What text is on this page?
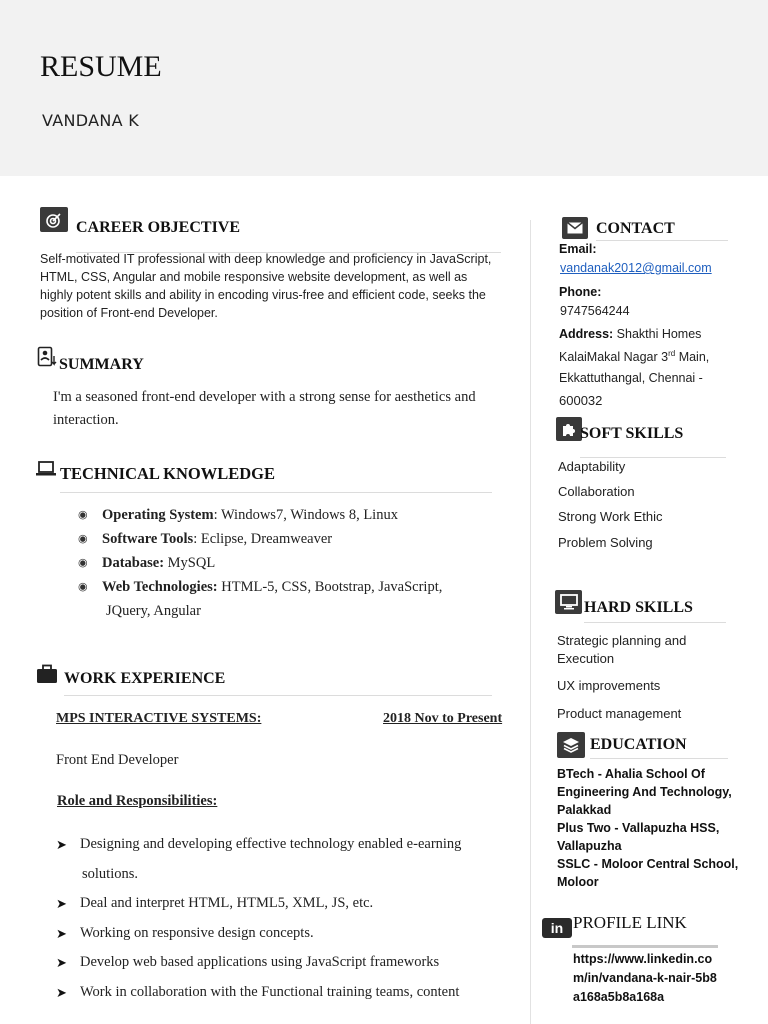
RESUME
VANDANA K
CAREER OBJECTIVE
Self-motivated IT professional with deep knowledge and proficiency in JavaScript, HTML, CSS, Angular and mobile responsive website development, as well as highly potent skills and ability in encoding virus-free and efficient code, seeks the position of Front-end Developer.
SUMMARY
I'm a seasoned front-end developer with a strong sense for aesthetics and interaction.
TECHNICAL KNOWLEDGE
◉ Operating System: Windows7, Windows 8, Linux
◉ Software Tools: Eclipse, Dreamweaver
◉ Database: MySQL
◉ Web Technologies: HTML-5, CSS, Bootstrap, JavaScript,
JQuery, Angular
WORK EXPERIENCE
MPS INTERACTIVE SYSTEMS:	2018 Nov to Present
Front End Developer
Role and Responsibilities:
➤ Designing and developing effective technology enabled e-earning
solutions.
➤ Deal and interpret HTML, HTML5, XML, JS, etc.
➤ Working on responsive design concepts.
➤ Develop web based applications using JavaScript frameworks
➤ Work in collaboration with the Functional training teams, content
CONTACT
Email:
vandanak2012@gmail.com
Phone:
9747564244
Address: Shakthi Homes
KalaiMakal Nagar 3rd Main,
Ekkattuthangal, Chennai -
600032
SOFT SKILLS
Adaptability
Collaboration
Strong Work Ethic
Problem Solving
HARD SKILLS
Strategic planning and Execution
UX improvements
Product management
EDUCATION
BTech - Ahalia School Of Engineering And Technology, Palakkad
Plus Two - Vallapuzha HSS, Vallapuzha
SSLC - Moloor Central School, Moloor
in PROFILE LINK
https://www.linkedin.com/in/vandana-k-nair-5b8a168a5b8a168a
